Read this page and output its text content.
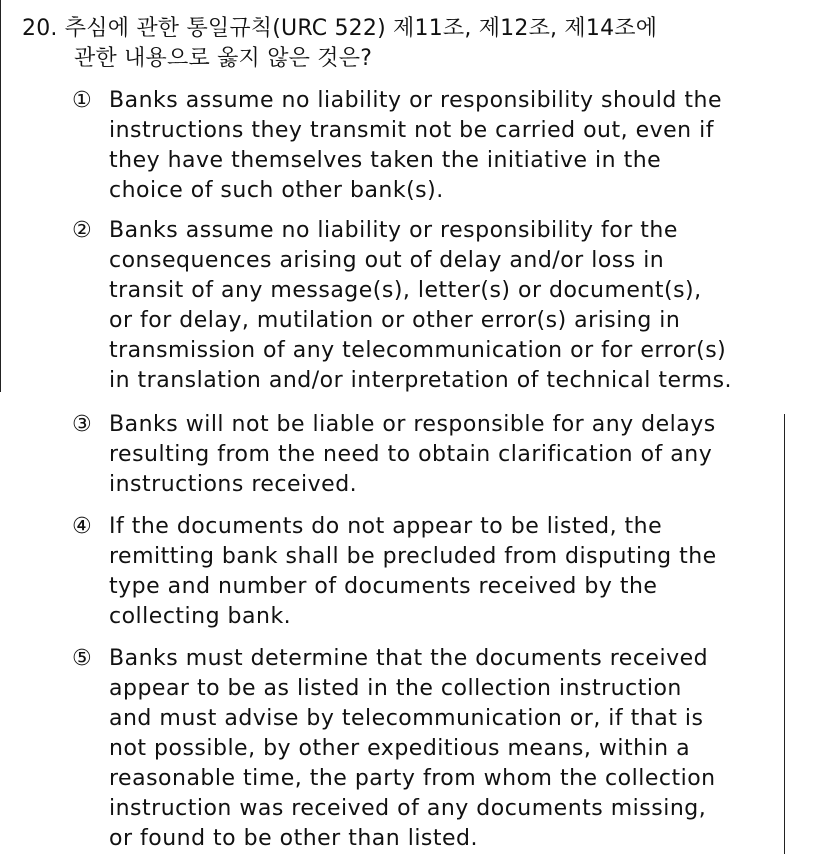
20. 추심에 관한 통일규칙(URC 522) 제11조, 제12조, 제14조에
관한 내용으로 옳지 않은 것은?
① Banks assume no liability or responsibility should the
instructions they transmit not be carried out, even if
they have themselves taken the initiative in the
choice of such other bank(s).
② Banks assume no liability or responsibility for the
consequences arising out of delay and/or loss in
transit of any message(s), letter(s) or document(s),
or for delay, mutilation or other error(s) arising in
transmission of any telecommunication or for error(s)
in translation and/or interpretation of technical terms.
③ Banks will not be liable or responsible for any delays
resulting from the need to obtain clarification of any
instructions received.
④ If the documents do not appear to be listed, the
remitting bank shall be precluded from disputing the
type and number of documents received by the
collecting bank.
⑤ Banks must determine that the documents received
appear to be as listed in the collection instruction
and must advise by telecommunication or, if that is
not possible, by other expeditious means, within a
reasonable time, the party from whom the collection
instruction was received of any documents missing,
or found to be other than listed.
